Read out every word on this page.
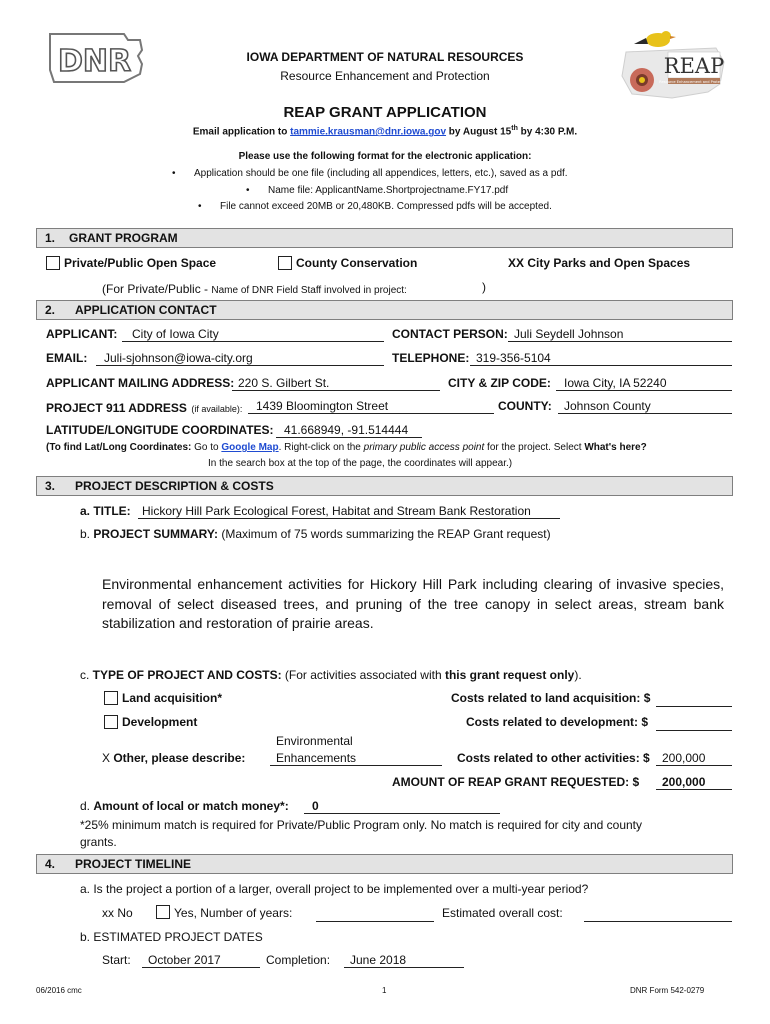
DNR	REAP
Resource Enhancement and Protection
IOWA DEPARTMENT OF NATURAL RESOURCES
Resource Enhancement and Protection
REAP GRANT APPLICATION
Email application to tammie.krausman@dnr.iowa.gov by August 15th by 4:30 P.M.
Please use the following format for the electronic application:
• Application should be one file (including all appendices, letters, etc.), saved as a pdf.
• Name file: ApplicantName.Shortprojectname.FY17.pdf
• File cannot exceed 20MB or 20,480KB. Compressed pdfs will be accepted.
1. GRANT PROGRAM
Private/Public Open Space	County Conservation	XX City Parks and Open Spaces
(For Private/Public - Name of DNR Field Staff involved in project:	)
2. APPLICATION CONTACT
APPLICANT:	City of Iowa City	CONTACT PERSON: Juli Seydell Johnson
EMAIL:	Juli-sjohnson@iowa-city.org	TELEPHONE: 319-356-5104
APPLICANT MAILING ADDRESS: 220 S. Gilbert St.	CITY & ZIP CODE:	Iowa City, IA 52240
PROJECT 911 ADDRESS (if available):	1439 Bloomington Street	COUNTY:	Johnson County
LATITUDE/LONGITUDE COORDINATES: 41.668949, -91.514444
(To find Lat/Long Coordinates: Go to Google Map. Right-click on the primary public access point for the project. Select What's here?
In the search box at the top of the page, the coordinates will appear.)
3. PROJECT DESCRIPTION & COSTS
a. TITLE: Hickory Hill Park Ecological Forest, Habitat and Stream Bank Restoration
b. PROJECT SUMMARY: (Maximum of 75 words summarizing the REAP Grant request)
Environmental enhancement activities for Hickory Hill Park including clearing of invasive species,
removal of select diseased trees, and pruning of the tree canopy in select areas, stream bank
stabilization and restoration of prairie areas.
c. TYPE OF PROJECT AND COSTS: (For activities associated with this grant request only).
Land acquisition*	Costs related to land acquisition: $
Development	Costs related to development: $
X Other, please describe:
Environmental
Enhancements	Costs related to other activities: $	200,000
AMOUNT OF REAP GRANT REQUESTED: $	200,000
d. Amount of local or match money*:	0
*25% minimum match is required for Private/Public Program only. No match is required for city and county
grants.
4. PROJECT TIMELINE
a. Is the project a portion of a larger, overall project to be implemented over a multi-year period?
xx No	Yes, Number of years:	Estimated overall cost:
b. ESTIMATED PROJECT DATES
Start:	October 2017	Completion:	June 2018
06/2016 cmc	1	DNR Form 542-0279
